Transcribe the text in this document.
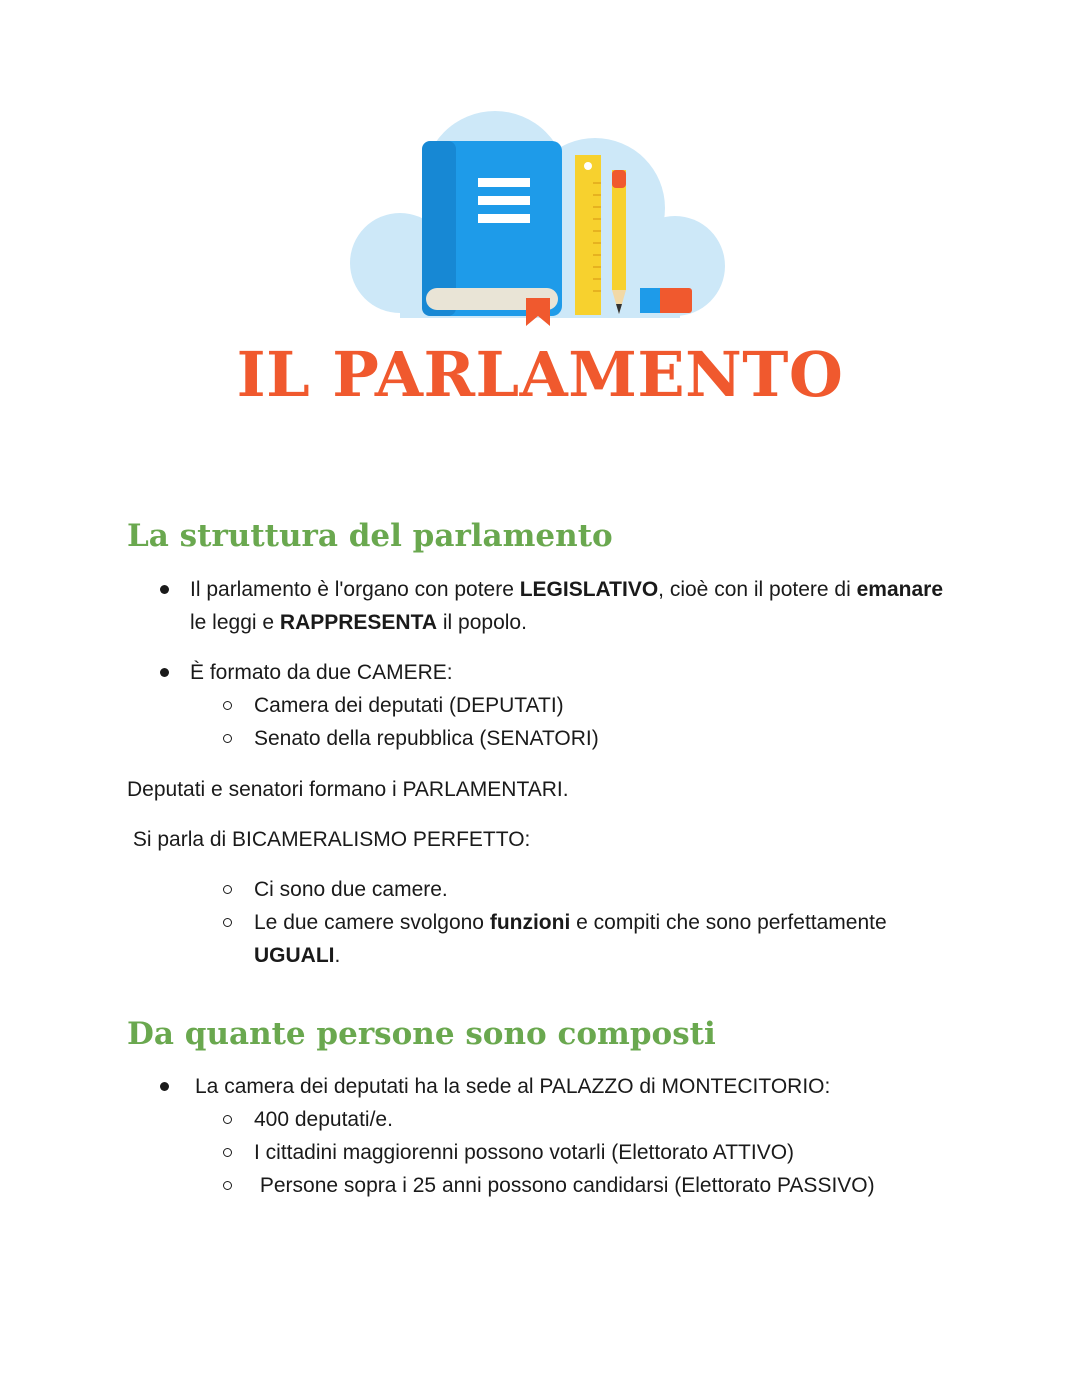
IL PARLAMENTO
La struttura del parlamento

Il parlamento è l'organo con potere LEGISLATIVO, cioè con il potere di emanare

le leggi e RAPPRESENTA il popolo.

È formato da due CAMERE:

Camera dei deputati (DEPUTATI)

Senato della repubblica (SENATORI)

Deputati e senatori formano i PARLAMENTARI.

Si parla di BICAMERALISMO PERFETTO:

Ci sono due camere.

Le due camere svolgono funzioni e compiti che sono perfettamente

UGUALI.

Da quante persone sono composti

La camera dei deputati ha la sede al PALAZZO di MONTECITORIO:

400 deputati/e.

I cittadini maggiorenni possono votarli (Elettorato ATTIVO)

Persone sopra i 25 anni possono candidarsi (Elettorato PASSIVO)
